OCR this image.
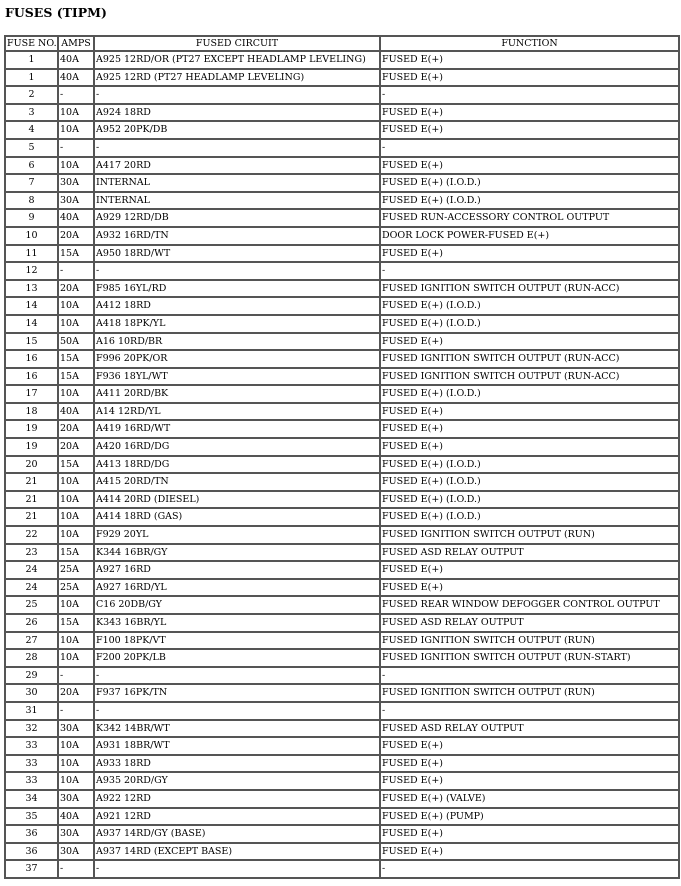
FUSES (TIPM)
FUSE NO.	AMPS	FUSED CIRCUIT	FUNCTION
1	40A	A925 12RD/OR (PT27 EXCEPT HEADLAMP LEVELING)	FUSED E(+)
1	40A	A925 12RD (PT27 HEADLAMP LEVELING)	FUSED E(+)
2	-	-	-
3	10A	A924 18RD	FUSED E(+)
4	10A	A952 20PK/DB	FUSED E(+)
5	-	-	-
6	10A	A417 20RD	FUSED E(+)
7	30A	INTERNAL	FUSED E(+) (I.O.D.)
8	30A	INTERNAL	FUSED E(+) (I.O.D.)
9	40A	A929 12RD/DB	FUSED RUN-ACCESSORY CONTROL OUTPUT
10	20A	A932 16RD/TN	DOOR LOCK POWER-FUSED E(+)
11	15A	A950 18RD/WT	FUSED E(+)
12	-	-	-
13	20A	F985 16YL/RD	FUSED IGNITION SWITCH OUTPUT (RUN-ACC)
14	10A	A412 18RD	FUSED E(+) (I.O.D.)
14	10A	A418 18PK/YL	FUSED E(+) (I.O.D.)
15	50A	A16 10RD/BR	FUSED E(+)
16	15A	F996 20PK/OR	FUSED IGNITION SWITCH OUTPUT (RUN-ACC)
16	15A	F936 18YL/WT	FUSED IGNITION SWITCH OUTPUT (RUN-ACC)
17	10A	A411 20RD/BK	FUSED E(+) (I.O.D.)
18	40A	A14 12RD/YL	FUSED E(+)
19	20A	A419 16RD/WT	FUSED E(+)
19	20A	A420 16RD/DG	FUSED E(+)
20	15A	A413 18RD/DG	FUSED E(+) (I.O.D.)
21	10A	A415 20RD/TN	FUSED E(+) (I.O.D.)
21	10A	A414 20RD (DIESEL)	FUSED E(+) (I.O.D.)
21	10A	A414 18RD (GAS)	FUSED E(+) (I.O.D.)
22	10A	F929 20YL	FUSED IGNITION SWITCH OUTPUT (RUN)
23	15A	K344 16BR/GY	FUSED ASD RELAY OUTPUT
24	25A	A927 16RD	FUSED E(+)
24	25A	A927 16RD/YL	FUSED E(+)
25	10A	C16 20DB/GY	FUSED REAR WINDOW DEFOGGER CONTROL OUTPUT
26	15A	K343 16BR/YL	FUSED ASD RELAY OUTPUT
27	10A	F100 18PK/VT	FUSED IGNITION SWITCH OUTPUT (RUN)
28	10A	F200 20PK/LB	FUSED IGNITION SWITCH OUTPUT (RUN-START)
29	-	-	-
30	20A	F937 16PK/TN	FUSED IGNITION SWITCH OUTPUT (RUN)
31	-	-	-
32	30A	K342 14BR/WT	FUSED ASD RELAY OUTPUT
33	10A	A931 18BR/WT	FUSED E(+)
33	10A	A933 18RD	FUSED E(+)
33	10A	A935 20RD/GY	FUSED E(+)
34	30A	A922 12RD	FUSED E(+) (VALVE)
35	40A	A921 12RD	FUSED E(+) (PUMP)
36	30A	A937 14RD/GY (BASE)	FUSED E(+)
36	30A	A937 14RD (EXCEPT BASE)	FUSED E(+)
37	-	-	-
